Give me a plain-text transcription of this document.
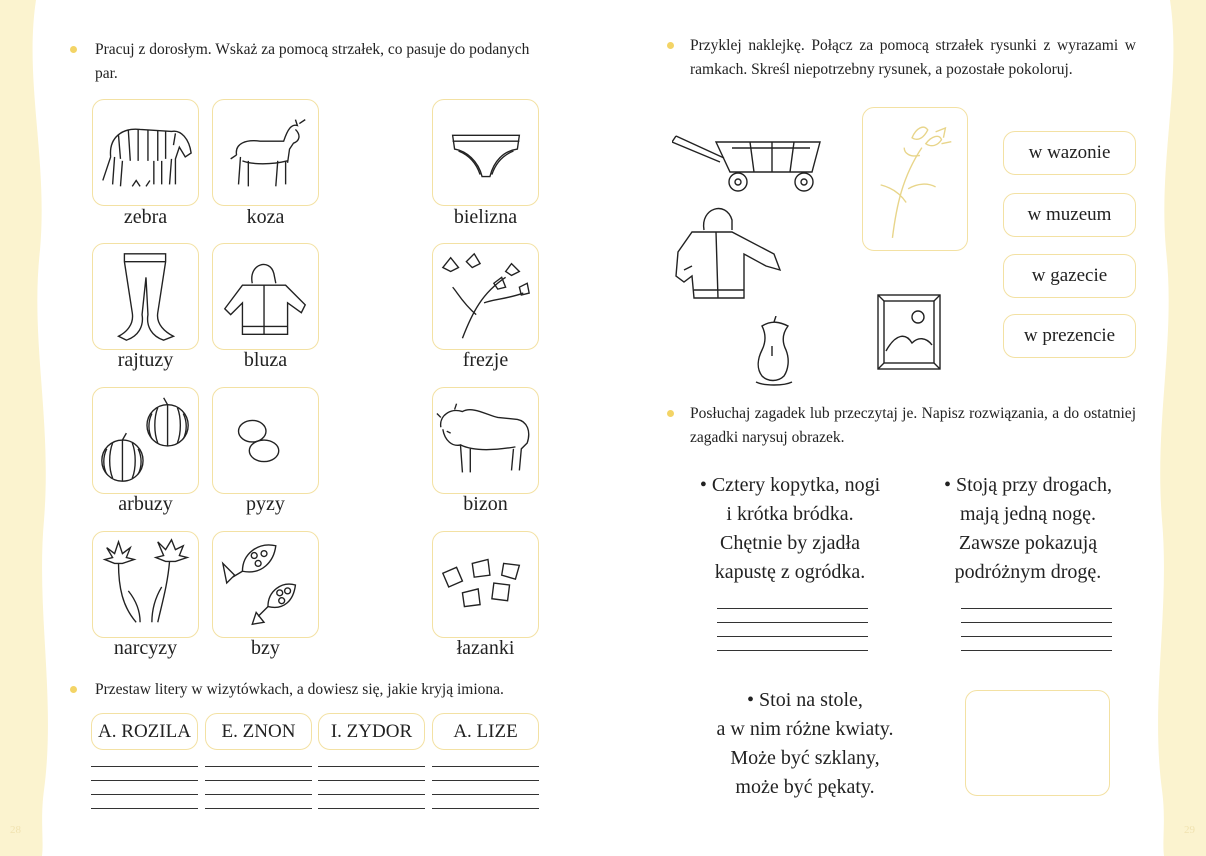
28	29
Pracuj z dorosłym. Wskaż za pomocą strzałek, co pasuje do podanych par.
zebra	koza	bielizna
rajtuzy	bluza	frezje
arbuzy	pyzy	bizon
narcyzy	bzy	łazanki
Przestaw litery w wizytówkach, a dowiesz się, jakie kryją imiona.
A. ROZILA	E. ZNON	I. ZYDOR	A. LIZE
Przyklej naklejkę. Połącz za pomocą strzałek rysunki z wyrazami w ramkach. Skreśl niepotrzebny rysunek, a pozostałe pokoloruj.
w wazonie
w muzeum
w gazecie
w prezencie
Posłuchaj zagadek lub przeczytaj je. Napisz rozwiązania, a do ostatniej zagadki narysuj obrazek.
• Cztery kopytka, nogi
i krótka bródka.
Chętnie by zjadła
kapustę z ogródka.
• Stoją przy drogach,
mają jedną nogę.
Zawsze pokazują
podróżnym drogę.
• Stoi na stole,
a w nim różne kwiaty.
Może być szklany,
może być pękaty.
